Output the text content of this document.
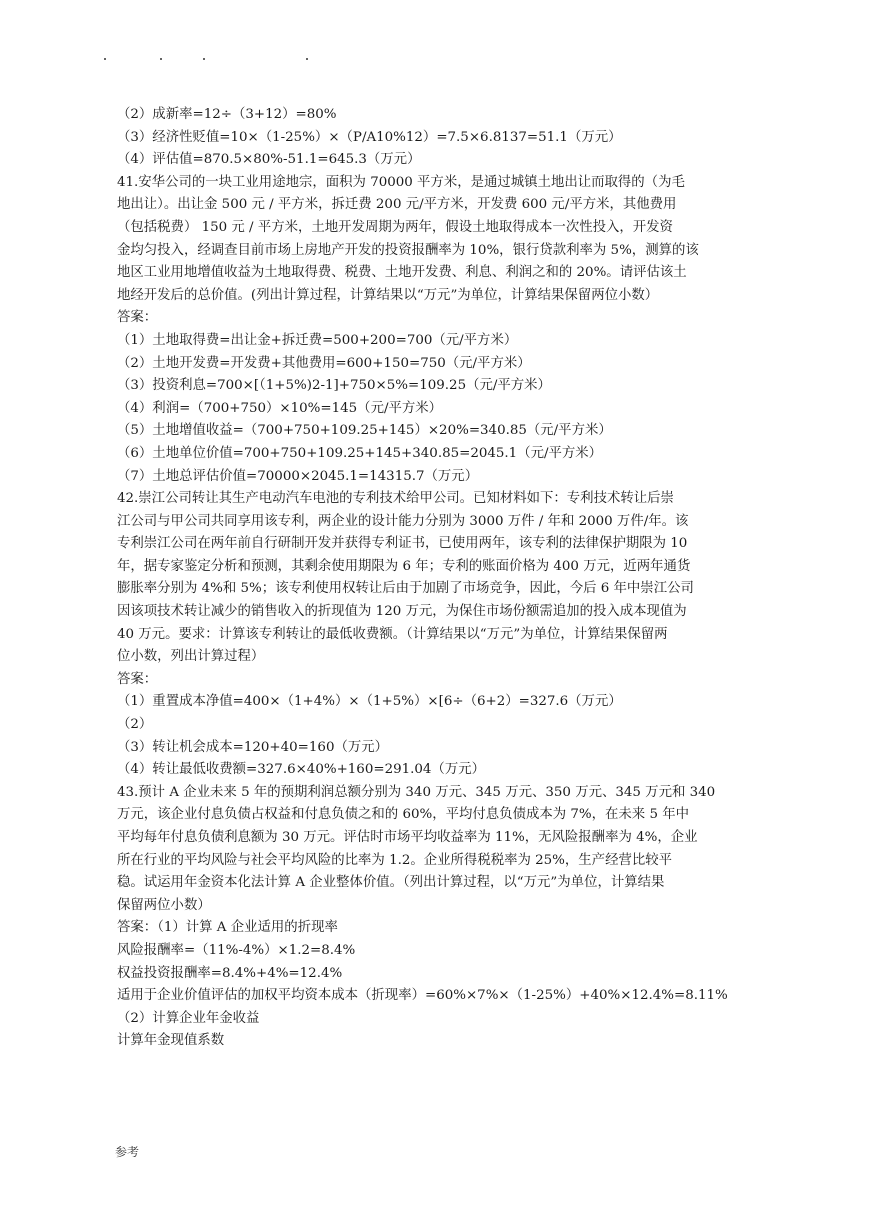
（2）成新率=12÷（3+12）=80%
（3）经济性贬值=10×（1-25%）×（P/A10%12）=7.5×6.8137=51.1（万元）
（4）评估值=870.5×80%-51.1=645.3（万元）
41.安华公司的一块工业用途地宗，面积为 70000 平方米，是通过城镇土地出让而取得的（为毛
地出让）。出让金 500 元 / 平方米，拆迁费 200 元/平方米，开发费 600 元/平方米，其他费用
（包括税费） 150 元 / 平方米，土地开发周期为两年，假设土地取得成本一次性投入，开发资
金均匀投入，经调查目前市场上房地产开发的投资报酬率为 10%，银行贷款利率为 5%，测算的该
地区工业用地增值收益为土地取得费、税费、土地开发费、利息、利润之和的 20%。请评估该土
地经开发后的总价值。(列出计算过程，计算结果以“万元”为单位，计算结果保留两位小数）
答案：
（1）土地取得费=出让金+拆迁费=500+200=700（元/平方米）
（2）土地开发费=开发费+其他费用=600+150=750（元/平方米）
（3）投资利息=700×[（1+5%)2-1]+750×5%=109.25（元/平方米）
（4）利润=（700+750）×10%=145（元/平方米）
（5）土地增值收益=（700+750+109.25+145）×20%=340.85（元/平方米）
（6）土地单位价值=700+750+109.25+145+340.85=2045.1（元/平方米）
（7）土地总评估价值=70000×2045.1=14315.7（万元）
42.崇江公司转让其生产电动汽车电池的专利技术给甲公司。已知材料如下：专利技术转让后崇
江公司与甲公司共同享用该专利，两企业的设计能力分别为 3000 万件 / 年和 2000 万件/年。该
专利崇江公司在两年前自行研制开发并获得专利证书，已使用两年，该专利的法律保护期限为 10
年，据专家鉴定分析和预测，其剩余使用期限为 6 年；专利的账面价格为 400 万元，近两年通货
膨胀率分别为 4%和 5%；该专利使用权转让后由于加剧了市场竞争，因此，今后 6 年中崇江公司
因该项技术转让减少的销售收入的折现值为 120 万元，为保住市场份额需追加的投入成本现值为
40 万元。要求：计算该专利转让的最低收费额。（计算结果以“万元”为单位，计算结果保留两
位小数，列出计算过程）
答案：
（1）重置成本净值=400×（1+4%）×（1+5%）×[6÷（6+2）=327.6（万元）
（2）
（3）转让机会成本=120+40=160（万元）
（4）转让最低收费额=327.6×40%+160=291.04（万元）
43.预计 A 企业未来 5 年的预期利润总额分别为 340 万元、345 万元、350 万元、345 万元和 340
万元，该企业付息负债占权益和付息负债之和的 60%，平均付息负债成本为 7%，在未来 5 年中
平均每年付息负债利息额为 30 万元。评估时市场平均收益率为 11%，无风险报酬率为 4%，企业
所在行业的平均风险与社会平均风险的比率为 1.2。企业所得税税率为 25%，生产经营比较平
稳。试运用年金资本化法计算 A 企业整体价值。（列出计算过程，以“万元”为单位，计算结果
保留两位小数）
答案：（1）计算 A 企业适用的折现率
风险报酬率=（11%-4%）×1.2=8.4%
权益投资报酬率=8.4%+4%=12.4%
适用于企业价值评估的加权平均资本成本（折现率）=60%×7%×（1-25%）+40%×12.4%=8.11%
（2）计算企业年金收益
计算年金现值系数
参考
